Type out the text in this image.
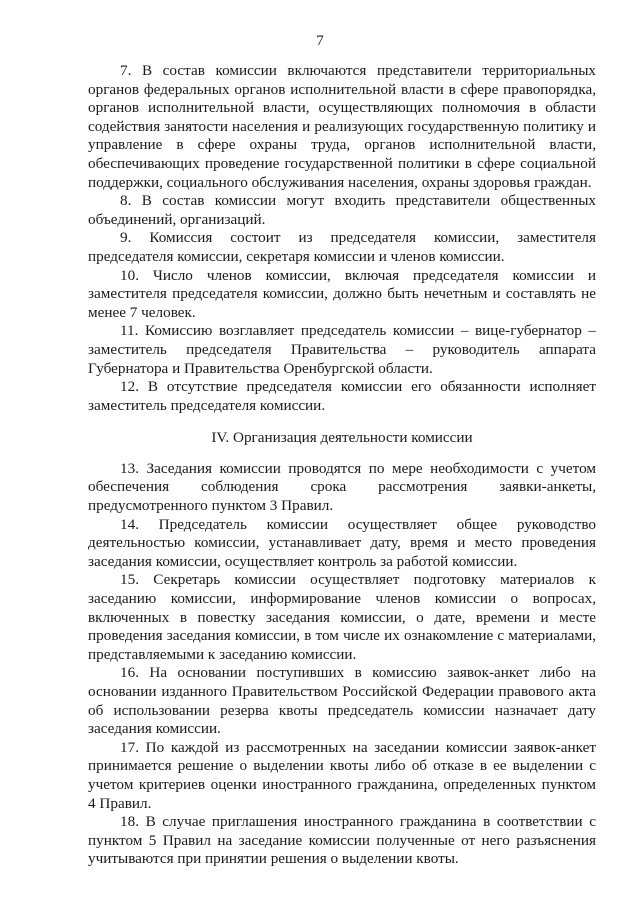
7

7. В состав комиссии включаются представители территориальных органов федеральных органов исполнительной власти в сфере правопорядка, органов исполнительной власти, осуществляющих полномочия в области содействия занятости населения и реализующих государственную политику и управление в сфере охраны труда, органов исполнительной власти, обеспечивающих проведение государственной политики в сфере социальной поддержки, социального обслуживания населения, охраны здоровья граждан.

8. В состав комиссии могут входить представители общественных объединений, организаций.

9. Комиссия состоит из председателя комиссии, заместителя председателя комиссии, секретаря комиссии и членов комиссии.

10. Число членов комиссии, включая председателя комиссии и заместителя председателя комиссии, должно быть нечетным и составлять не менее 7 человек.

11. Комиссию возглавляет председатель комиссии – вице-губернатор – заместитель председателя Правительства – руководитель аппарата Губернатора и Правительства Оренбургской области.

12. В отсутствие председателя комиссии его обязанности исполняет заместитель председателя комиссии.

IV. Организация деятельности комиссии

13. Заседания комиссии проводятся по мере необходимости с учетом обеспечения соблюдения срока рассмотрения заявки-анкеты, предусмотренного пунктом 3 Правил.

14. Председатель комиссии осуществляет общее руководство деятельностью комиссии, устанавливает дату, время и место проведения заседания комиссии, осуществляет контроль за работой комиссии.

15. Секретарь комиссии осуществляет подготовку материалов к заседанию комиссии, информирование членов комиссии о вопросах, включенных в повестку заседания комиссии, о дате, времени и месте проведения заседания комиссии, в том числе их ознакомление с материалами, представляемыми к заседанию комиссии.

16. На основании поступивших в комиссию заявок-анкет либо на основании изданного Правительством Российской Федерации правового акта об использовании резерва квоты председатель комиссии назначает дату заседания комиссии.

17. По каждой из рассмотренных на заседании комиссии заявок-анкет принимается решение о выделении квоты либо об отказе в ее выделении с учетом критериев оценки иностранного гражданина, определенных пунктом 4 Правил.

18. В случае приглашения иностранного гражданина в соответствии с пунктом 5 Правил на заседание комиссии полученные от него разъяснения учитываются при принятии решения о выделении квоты.
